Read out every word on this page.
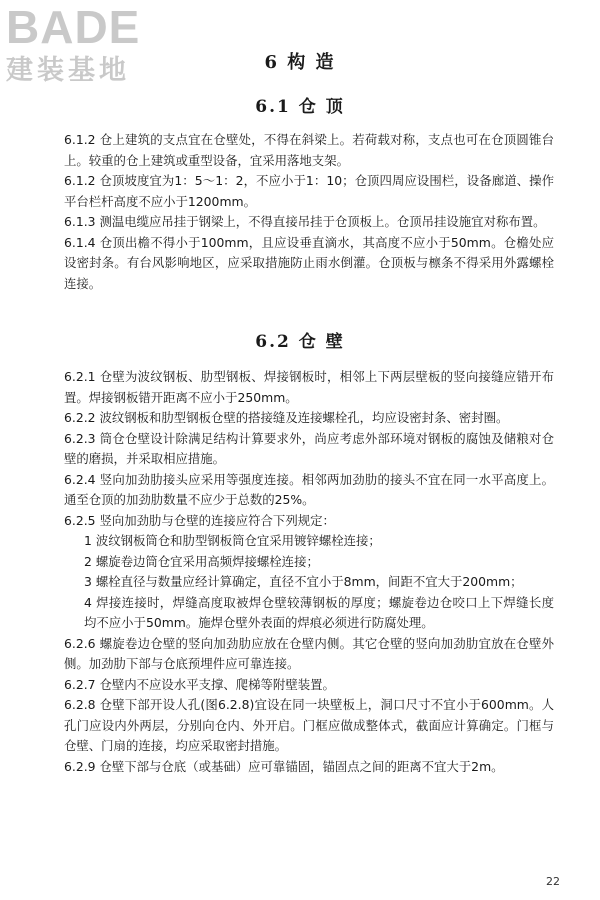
BADE
建装基地	6 构 造
6.1 仓 顶

6.1.2 仓上建筑的支点宜在仓壁处，不得在斜梁上。若荷载对称，支点也可在仓顶圆锥台上。较重的仓上建筑或重型设备，宜采用落地支架。

6.1.2 仓顶坡度宜为1：5～1：2，不应小于1：10；仓顶四周应设围栏，设备廊道、操作平台栏杆高度不应小于1200mm。

6.1.3 测温电缆应吊挂于钢梁上，不得直接吊挂于仓顶板上。仓顶吊挂设施宜对称布置。

6.1.4 仓顶出檐不得小于100mm，且应设垂直滴水，其高度不应小于50mm。仓檐处应设密封条。有台风影响地区，应采取措施防止雨水倒灌。仓顶板与檩条不得采用外露螺栓连接。

6.2 仓 壁

6.2.1 仓壁为波纹钢板、肋型钢板、焊接钢板时，相邻上下两层壁板的竖向接缝应错开布置。焊接钢板错开距离不应小于250mm。

6.2.2 波纹钢板和肋型钢板仓壁的搭接缝及连接螺栓孔，均应设密封条、密封圈。

6.2.3 筒仓仓壁设计除满足结构计算要求外，尚应考虑外部环境对钢板的腐蚀及储粮对仓壁的磨损，并采取相应措施。

6.2.4 竖向加劲肋接头应采用等强度连接。相邻两加劲肋的接头不宜在同一水平高度上。通至仓顶的加劲肋数量不应少于总数的25%。

6.2.5 竖向加劲肋与仓壁的连接应符合下列规定：

1 波纹钢板筒仓和肋型钢板筒仓宜采用镀锌螺栓连接；

2 螺旋卷边筒仓宜采用高频焊接螺栓连接；

3 螺栓直径与数量应经计算确定，直径不宜小于8mm，间距不宜大于200mm；

4 焊接连接时，焊缝高度取被焊仓壁较薄钢板的厚度；螺旋卷边仓咬口上下焊缝长度均不应小于50mm。施焊仓壁外表面的焊痕必须进行防腐处理。

6.2.6 螺旋卷边仓壁的竖向加劲肋应放在仓壁内侧。其它仓壁的竖向加劲肋宜放在仓壁外侧。加劲肋下部与仓底预埋件应可靠连接。

6.2.7 仓壁内不应设水平支撑、爬梯等附壁装置。

6.2.8 仓壁下部开设人孔(图6.2.8)宜设在同一块壁板上，洞口尺寸不宜小于600mm。人孔门应设内外两层，分别向仓内、外开启。门框应做成整体式，截面应计算确定。门框与仓壁、门扇的连接，均应采取密封措施。

6.2.9 仓壁下部与仓底（或基础）应可靠锚固，锚固点之间的距离不宜大于2m。

22
